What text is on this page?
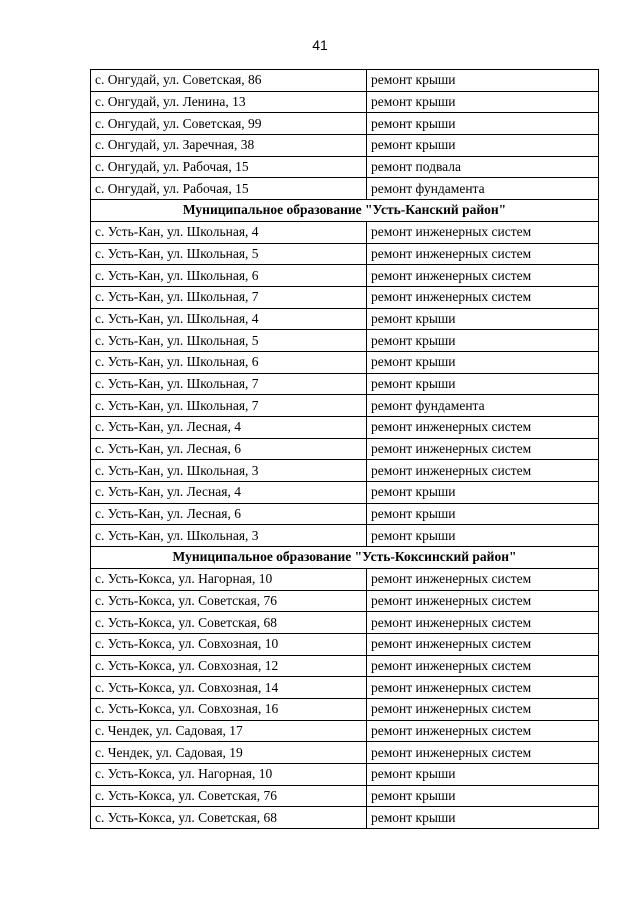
41
с. Онгудай, ул. Советская, 86	ремонт крыши
с. Онгудай, ул. Ленина, 13	ремонт крыши
с. Онгудай, ул. Советская, 99	ремонт крыши
с. Онгудай, ул. Заречная, 38	ремонт крыши
с. Онгудай, ул. Рабочая, 15	ремонт подвала
с. Онгудай, ул. Рабочая, 15	ремонт фундамента
Муниципальное образование "Усть-Канский район"	
с. Усть-Кан, ул. Школьная, 4	ремонт инженерных систем
с. Усть-Кан, ул. Школьная, 5	ремонт инженерных систем
с. Усть-Кан, ул. Школьная, 6	ремонт инженерных систем
с. Усть-Кан, ул. Школьная, 7	ремонт инженерных систем
с. Усть-Кан, ул. Школьная, 4	ремонт крыши
с. Усть-Кан, ул. Школьная, 5	ремонт крыши
с. Усть-Кан, ул. Школьная, 6	ремонт крыши
с. Усть-Кан, ул. Школьная, 7	ремонт крыши
с. Усть-Кан, ул. Школьная, 7	ремонт фундамента
с. Усть-Кан, ул. Лесная, 4	ремонт инженерных систем
с. Усть-Кан, ул. Лесная, 6	ремонт инженерных систем
с. Усть-Кан, ул. Школьная, 3	ремонт инженерных систем
с. Усть-Кан, ул. Лесная, 4	ремонт крыши
с. Усть-Кан, ул. Лесная, 6	ремонт крыши
с. Усть-Кан, ул. Школьная, 3	ремонт крыши
Муниципальное образование "Усть-Коксинский район"	
с. Усть-Кокса, ул. Нагорная, 10	ремонт инженерных систем
с. Усть-Кокса, ул. Советская, 76	ремонт инженерных систем
с. Усть-Кокса, ул. Советская, 68	ремонт инженерных систем
с. Усть-Кокса, ул. Совхозная, 10	ремонт инженерных систем
с. Усть-Кокса, ул. Совхозная, 12	ремонт инженерных систем
с. Усть-Кокса, ул. Совхозная, 14	ремонт инженерных систем
с. Усть-Кокса, ул. Совхозная, 16	ремонт инженерных систем
с. Чендек, ул. Садовая, 17	ремонт инженерных систем
с. Чендек, ул. Садовая, 19	ремонт инженерных систем
с. Усть-Кокса, ул. Нагорная, 10	ремонт крыши
с. Усть-Кокса, ул. Советская, 76	ремонт крыши
с. Усть-Кокса, ул. Советская, 68	ремонт крыши
